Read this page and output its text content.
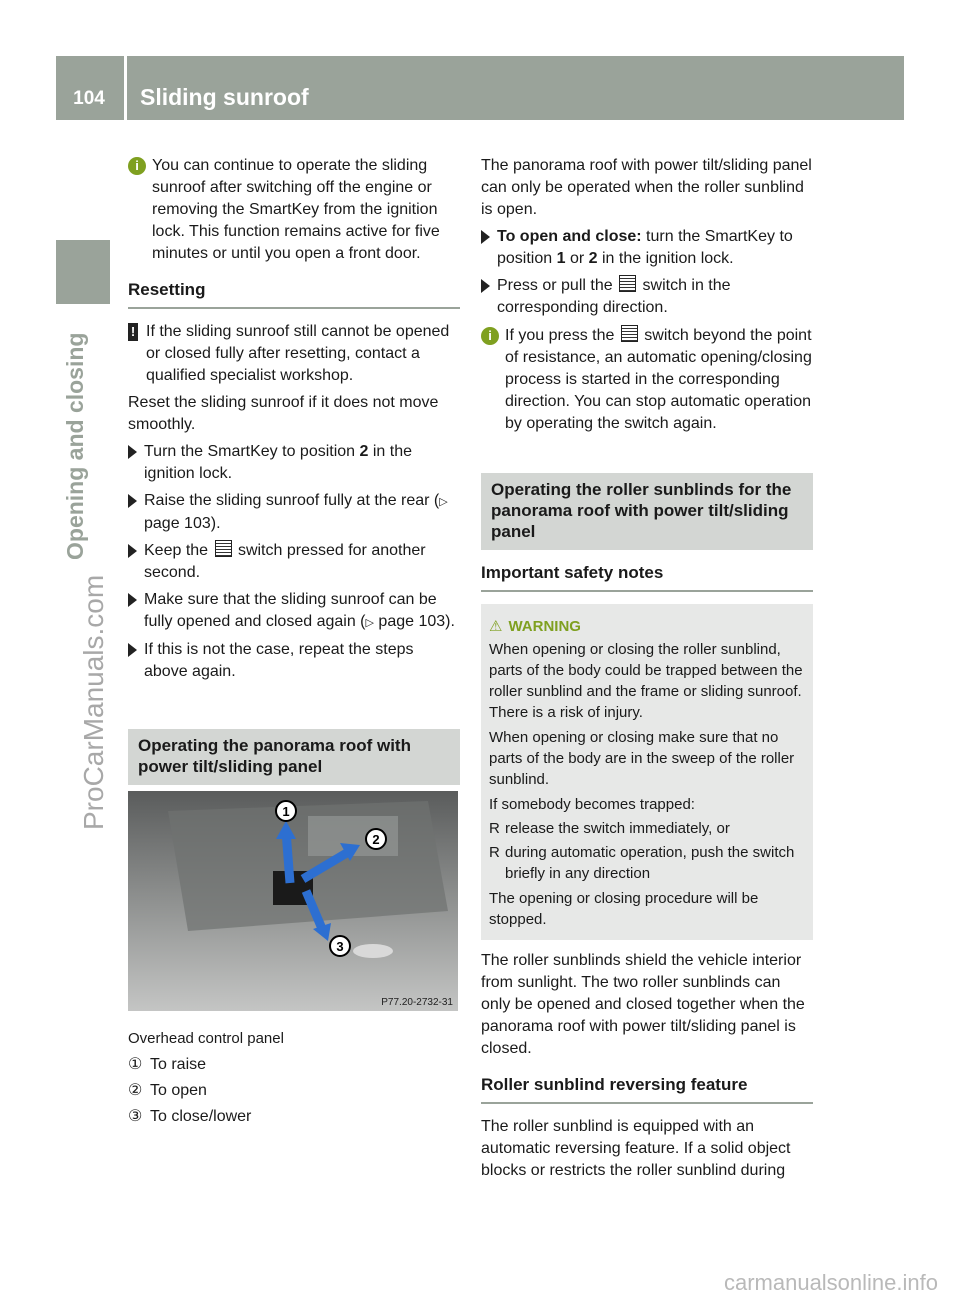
104	Sliding sunroof
Opening and closing
ProCarManuals.com
carmanualsonline.info
i You can continue to operate the sliding sunroof after switching off the engine or removing the SmartKey from the ignition lock. This function remains active for five minutes or until you open a front door.

Resetting
! If the sliding sunroof still cannot be opened or closed fully after resetting, contact a qualified specialist workshop.

Reset the sliding sunroof if it does not move smoothly.

Turn the SmartKey to position 2 in the ignition lock.

Raise the sliding sunroof fully at the rear (▷ page 103).

Keep the  switch pressed for another second.

Make sure that the sliding sunroof can be fully opened and closed again (▷ page 103).

If this is not the case, repeat the steps above again.

Operating the panorama roof with power tilt/sliding panel
1
2
3
P77.20-2732-31

Overhead control panel

① To raise
② To open
③ To close/lower

The panorama roof with power tilt/sliding panel can only be operated when the roller sunblind is open.

To open and close: turn the SmartKey to position 1 or 2 in the ignition lock.

Press or pull the  switch in the corresponding direction.

i If you press the  switch beyond the point of resistance, an automatic opening/closing process is started in the corresponding direction. You can stop automatic operation by operating the switch again.

Operating the roller sunblinds for the panorama roof with power tilt/sliding panel
Important safety notes
⚠ WARNING

When opening or closing the roller sunblind, parts of the body could be trapped between the roller sunblind and the frame or sliding sunroof. There is a risk of injury.

When opening or closing make sure that no parts of the body are in the sweep of the roller sunblind.

If somebody becomes trapped:

R release the switch immediately, or
R during automatic operation, push the switch briefly in any direction

The opening or closing procedure will be stopped.

The roller sunblinds shield the vehicle interior from sunlight. The two roller sunblinds can only be opened and closed together when the panorama roof with power tilt/sliding panel is closed.

Roller sunblind reversing feature

The roller sunblind is equipped with an automatic reversing feature. If a solid object blocks or restricts the roller sunblind during
